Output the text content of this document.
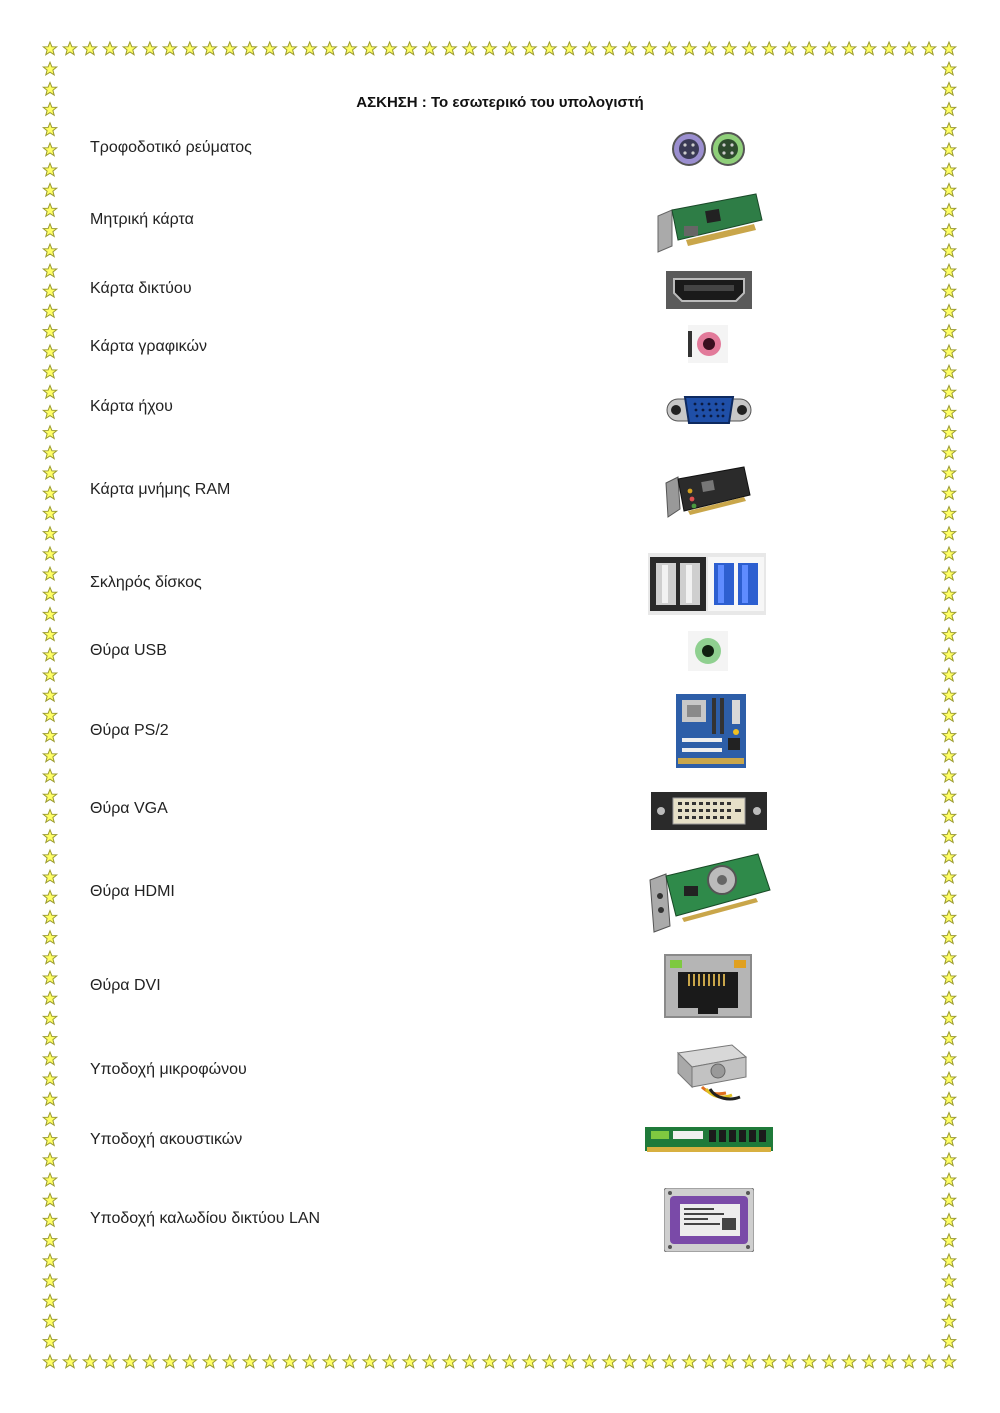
ΑΣΚΗΣΗ : Το εσωτερικό του υπολογιστή
Τροφοδοτικό ρεύματος
Μητρική κάρτα
Κάρτα δικτύου
Κάρτα γραφικών
Κάρτα ήχου
Κάρτα μνήμης RAM
Σκληρός δίσκος
Θύρα USB
Θύρα PS/2
Θύρα VGA
Θύρα HDMI
Θύρα DVI
Υποδοχή μικροφώνου
Υποδοχή ακουστικών
Υποδοχή καλωδίου δικτύου LAN
